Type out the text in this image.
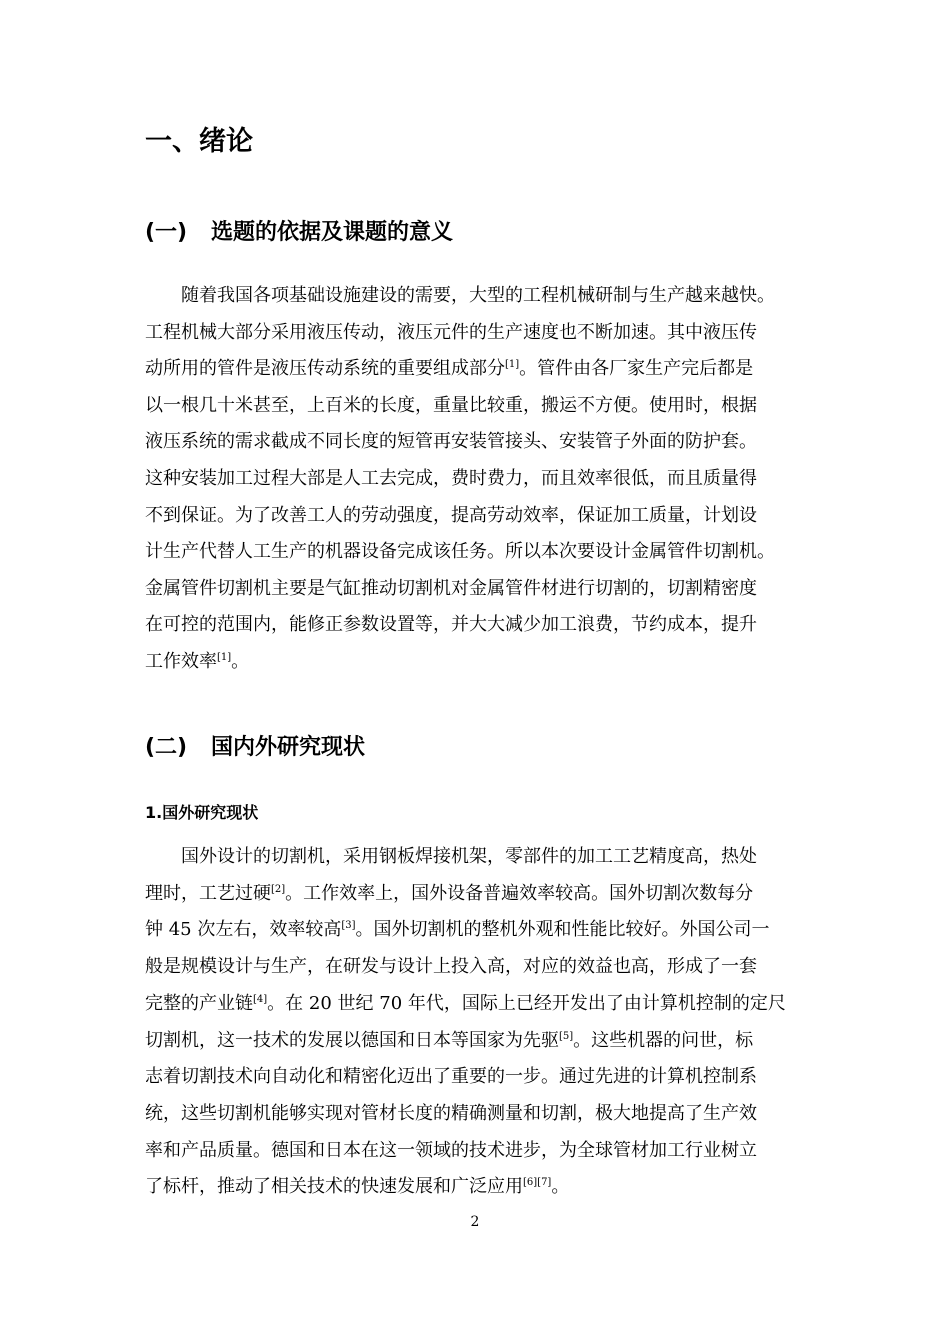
一、绪论
(一) 选题的依据及课题的意义
　　随着我国各项基础设施建设的需要，大型的工程机械研制与生产越来越快。
工程机械大部分采用液压传动，液压元件的生产速度也不断加速。其中液压传
动所用的管件是液压传动系统的重要组成部分[1]。管件由各厂家生产完后都是
以一根几十米甚至，上百米的长度，重量比较重，搬运不方便。使用时，根据
液压系统的需求截成不同长度的短管再安装管接头、安装管子外面的防护套。
这种安装加工过程大部是人工去完成，费时费力，而且效率很低，而且质量得
不到保证。为了改善工人的劳动强度，提高劳动效率，保证加工质量，计划设
计生产代替人工生产的机器设备完成该任务。所以本次要设计金属管件切割机。
金属管件切割机主要是气缸推动切割机对金属管件材进行切割的，切割精密度
在可控的范围内，能修正参数设置等，并大大减少加工浪费，节约成本，提升
工作效率[1]。
(二) 国内外研究现状
1.国外研究现状
　　国外设计的切割机，采用钢板焊接机架，零部件的加工工艺精度高，热处
理时，工艺过硬[2]。工作效率上，国外设备普遍效率较高。国外切割次数每分
钟 45 次左右，效率较高[3]。国外切割机的整机外观和性能比较好。外国公司一
般是规模设计与生产，在研发与设计上投入高，对应的效益也高，形成了一套
完整的产业链[4]。在 20 世纪 70 年代，国际上已经开发出了由计算机控制的定尺
切割机，这一技术的发展以德国和日本等国家为先驱[5]。这些机器的问世，标
志着切割技术向自动化和精密化迈出了重要的一步。通过先进的计算机控制系
统，这些切割机能够实现对管材长度的精确测量和切割，极大地提高了生产效
率和产品质量。德国和日本在这一领域的技术进步，为全球管材加工行业树立
了标杆，推动了相关技术的快速发展和广泛应用[6][7]。
2
